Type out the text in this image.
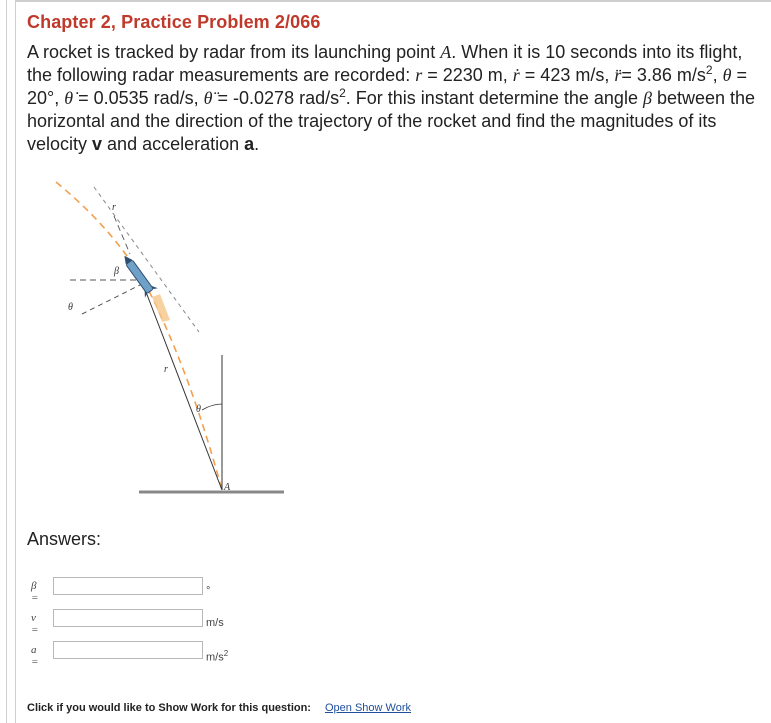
Chapter 2, Practice Problem 2/066
A rocket is tracked by radar from its launching point A. When it is 10 seconds into its flight, the following radar measurements are recorded: r = 2230 m, ṙ = 423 m/s, r̈= 3.86 $m/s^2$, θ = 20°, θ̇ = 0.0535 rad/s, θ̈ = -0.0278 rad/$s^2$. For this instant determine the angle β between the horizontal and the direction of the trajectory of the rocket and find the magnitudes of its velocity v and acceleration a.
r
β
θ
r
θ
A
Answers:
β =
°
v =
m/s
a =	$m/s^2$
Click if you would like to Show Work for this question: Open Show Work
